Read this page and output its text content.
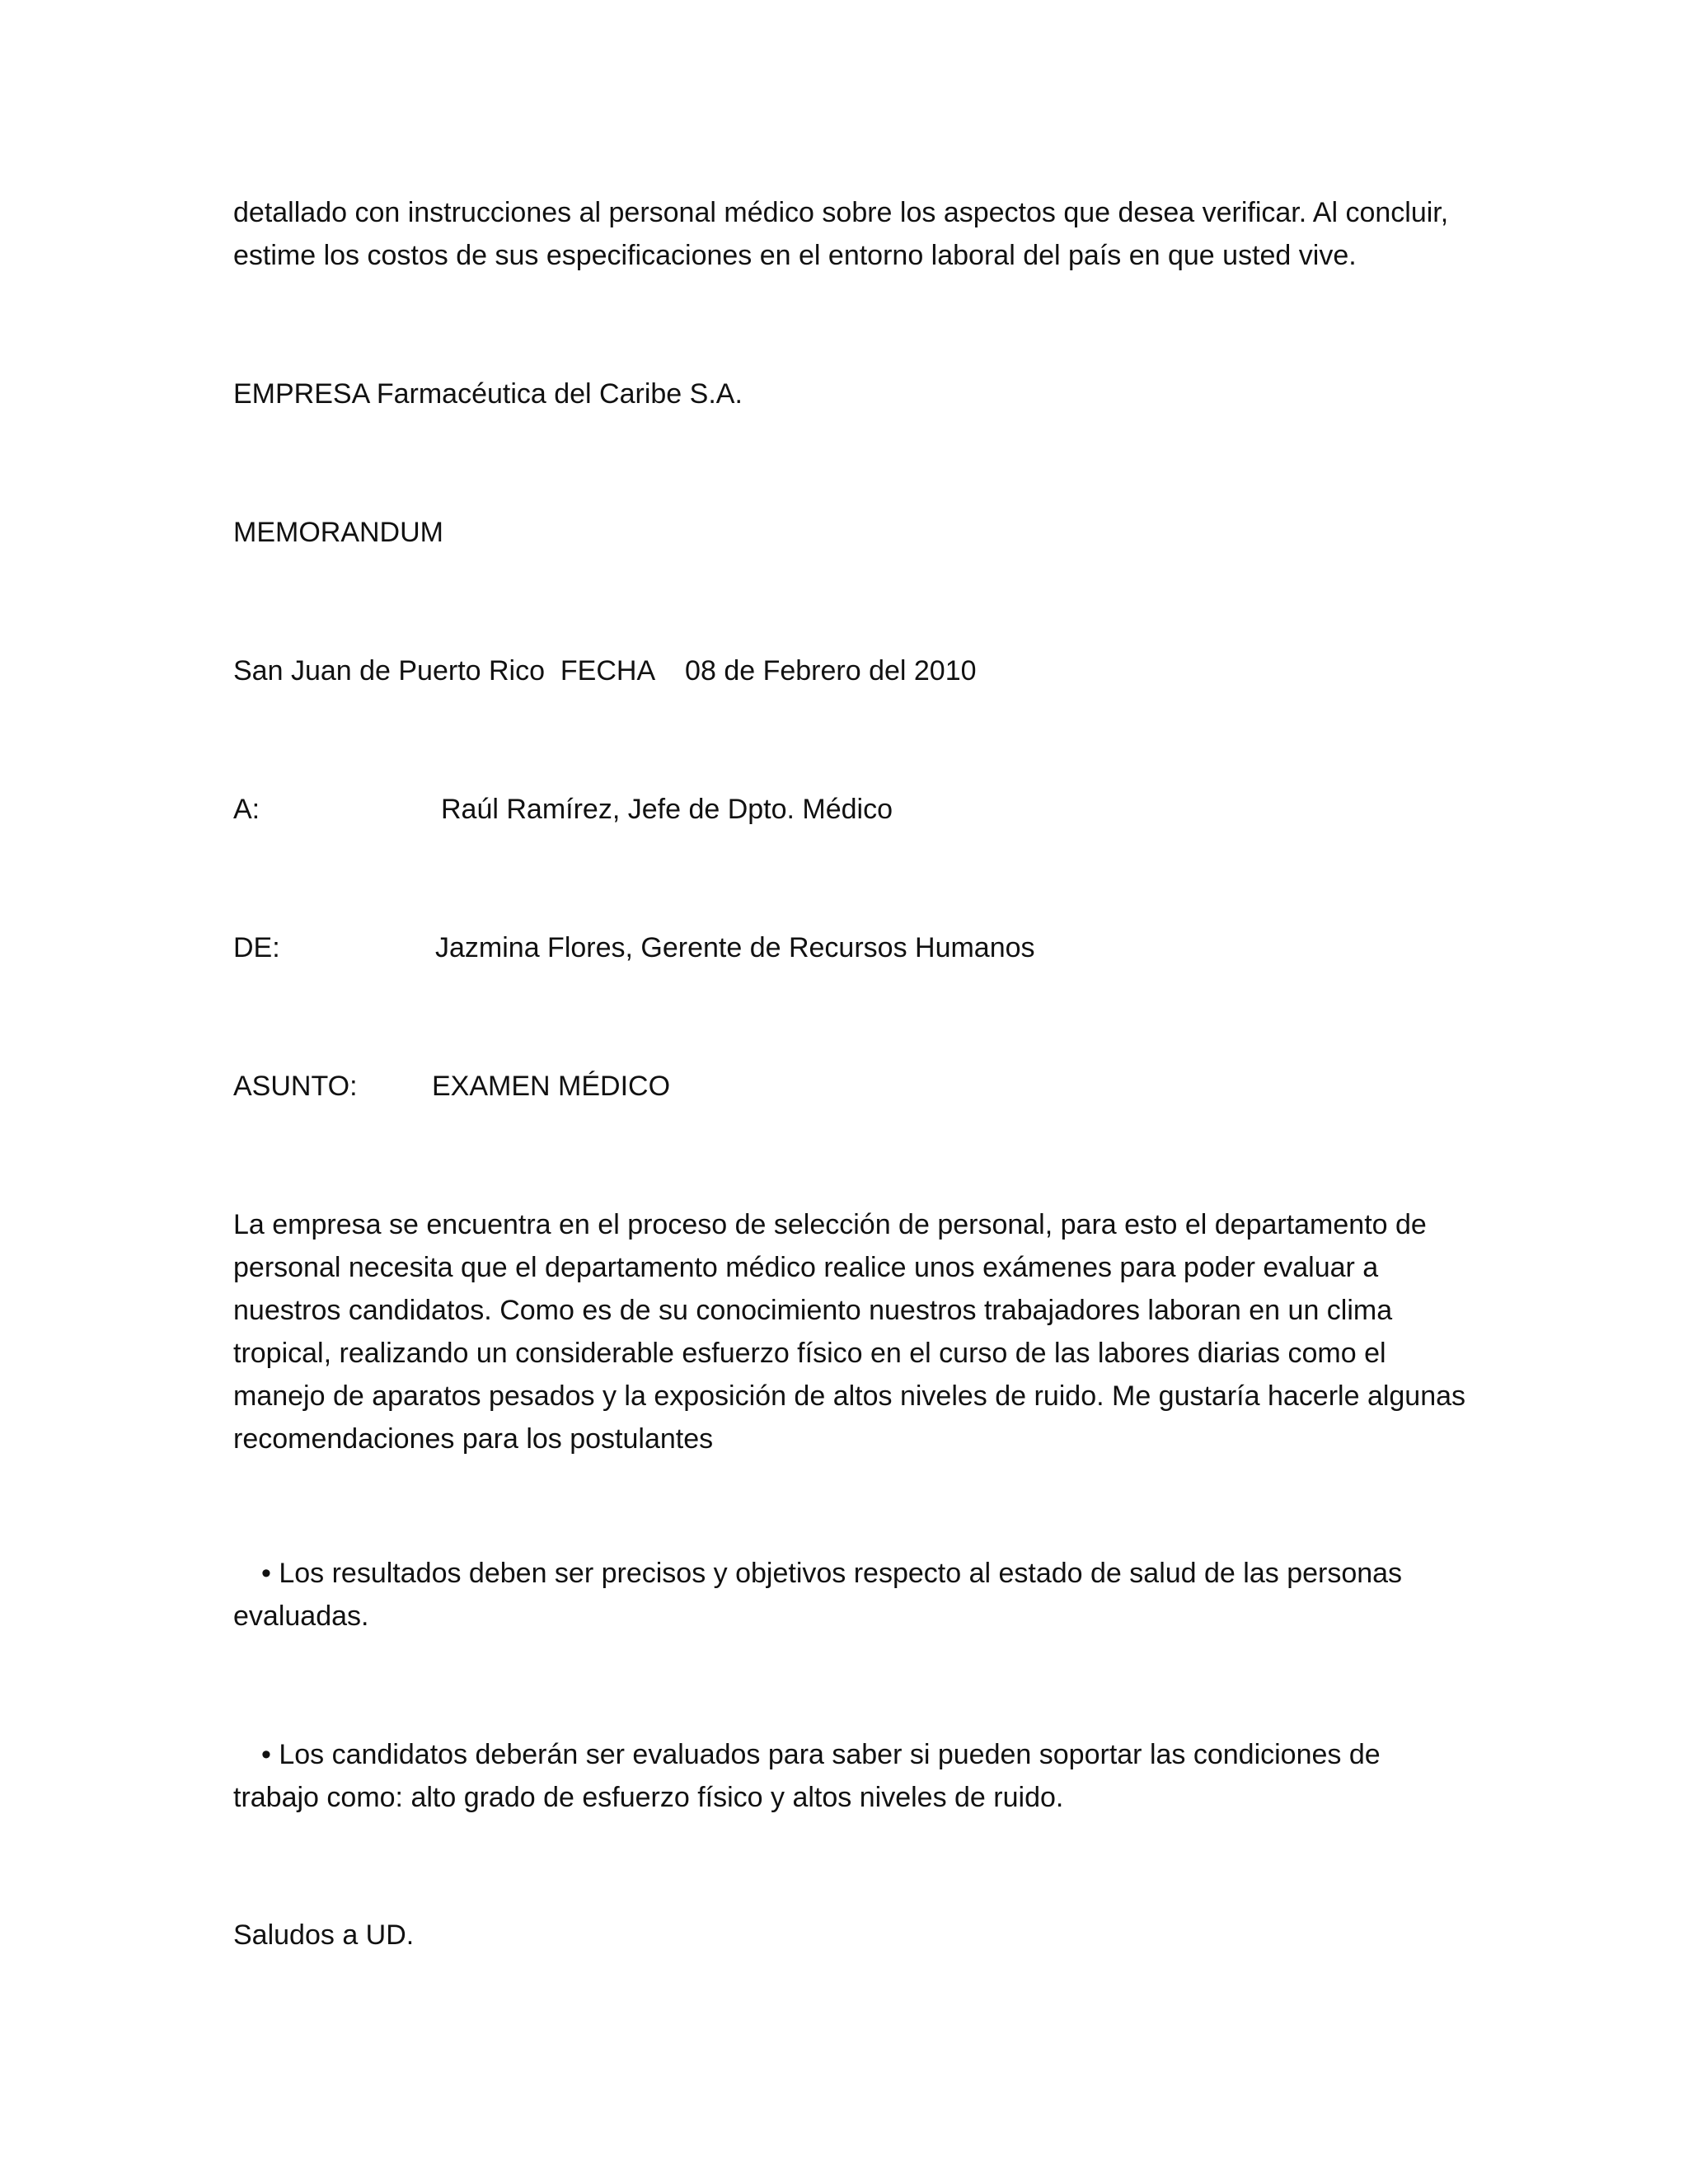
detallado con instrucciones al personal médico sobre los aspectos que desea verificar. Al concluir,
estime los costos de sus especificaciones en el entorno laboral del país en que usted vive.
EMPRESA Farmacéutica del Caribe S.A.
MEMORANDUM
San Juan de Puerto Rico  FECHA    08 de Febrero del 2010
A:	Raúl Ramírez, Jefe de Dpto. Médico
DE:	Jazmina Flores, Gerente de Recursos Humanos
ASUNTO:	EXAMEN MÉDICO
La empresa se encuentra en el proceso de selección de personal, para esto el departamento de
personal necesita que el departamento médico realice unos exámenes para poder evaluar a
nuestros candidatos. Como es de su conocimiento nuestros trabajadores laboran en un clima
tropical, realizando un considerable esfuerzo físico en el curso de las labores diarias como el
manejo de aparatos pesados y la exposición de altos niveles de ruido. Me gustaría hacerle algunas
recomendaciones para los postulantes
• Los resultados deben ser precisos y objetivos respecto al estado de salud de las personas
evaluadas.
• Los candidatos deberán ser evaluados para saber si pueden soportar las condiciones de
trabajo como: alto grado de esfuerzo físico y altos niveles de ruido.
Saludos a UD.
